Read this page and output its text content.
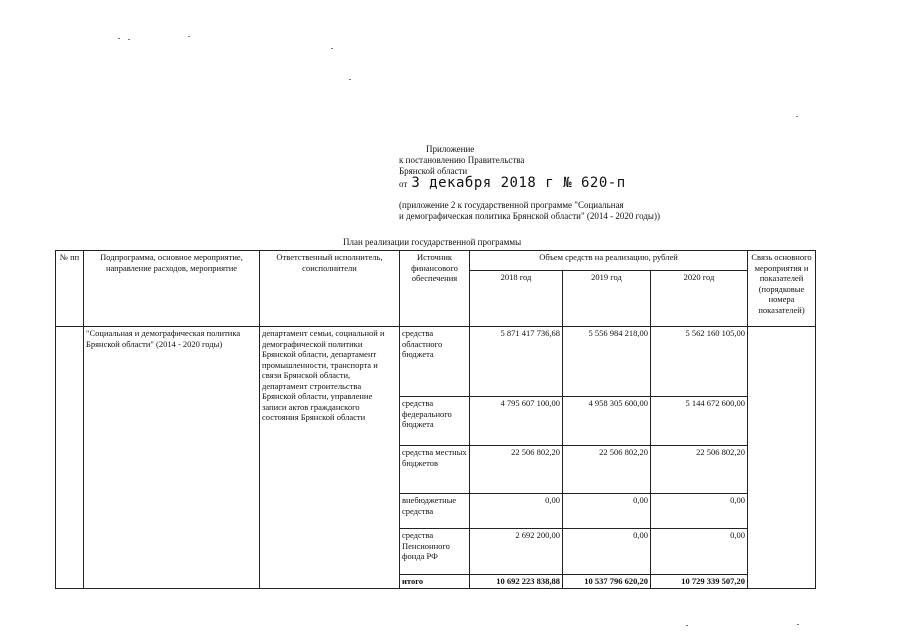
Приложение
к постановлению Правительства
Брянской области
от 3 декабря 2018 г № 620-п
(приложение 2 к государственной программе "Социальная
и демографическая политика Брянской области" (2014 - 2020 годы))
План реализации государственной программы
№ пп	Подпрограмма, основное мероприятие, направление расходов, мероприятие	Ответственный исполнитель, соисполнители	Источник финансового обеспечения	Объем средств на реализацию, рублей			Связь основного мероприятия и показателей (порядковые номера показателей)
				2018 год	2019 год	2020 год	
	"Социальная и демографическая политика Брянской области" (2014 - 2020 годы)	департамент семьи, социальной и демографической политики Брянской области, департамент промышленности, транспорта и связи Брянской области, департамент строительства Брянской области, управление записи актов гражданского состояния Брянской области	средства областного бюджета	5 871 417 736,68	5 556 984 218,00	5 562 160 105,00	
			средства федерального бюджета	4 795 607 100,00	4 958 305 600,00	5 144 672 600,00	
			средства местных бюджетов	22 506 802,20	22 506 802,20	22 506 802,20	
			внебюджетные средства	0,00	0,00	0,00	
			средства Пенсионного фонда РФ	2 692 200,00	0,00	0,00	
			итого	10 692 223 838,88	10 537 796 620,20	10 729 339 507,20	
